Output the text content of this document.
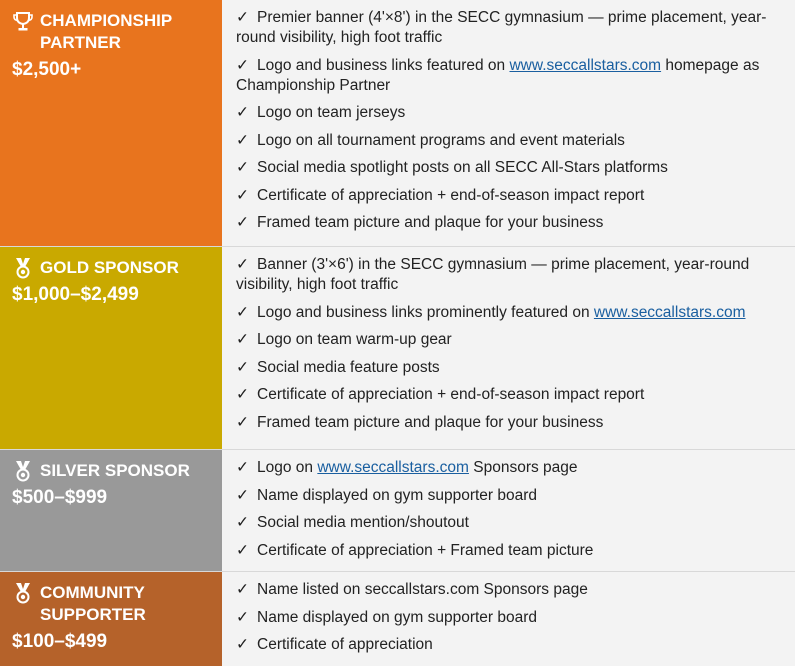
CHAMPIONSHIP PARTNER
$2,500+
✓ Premier banner (4'×8') in the SECC gymnasium — prime placement, year-round visibility, high foot traffic
✓ Logo and business links featured on www.seccallstars.com homepage as Championship Partner
✓ Logo on team jerseys
✓ Logo on all tournament programs and event materials
✓ Social media spotlight posts on all SECC All-Stars platforms
✓ Certificate of appreciation + end-of-season impact report
✓ Framed team picture and plaque for your business
GOLD SPONSOR
$1,000–$2,499
✓ Banner (3'×6') in the SECC gymnasium — prime placement, year-round visibility, high foot traffic
✓ Logo and business links prominently featured on www.seccallstars.com
✓ Logo on team warm-up gear
✓ Social media feature posts
✓ Certificate of appreciation + end-of-season impact report
✓ Framed team picture and plaque for your business
SILVER SPONSOR
$500–$999
✓ Logo on www.seccallstars.com Sponsors page
✓ Name displayed on gym supporter board
✓ Social media mention/shoutout
✓ Certificate of appreciation + Framed team picture
COMMUNITY SUPPORTER
$100–$499
✓ Name listed on seccallstars.com Sponsors page
✓ Name displayed on gym supporter board
✓ Certificate of appreciation
